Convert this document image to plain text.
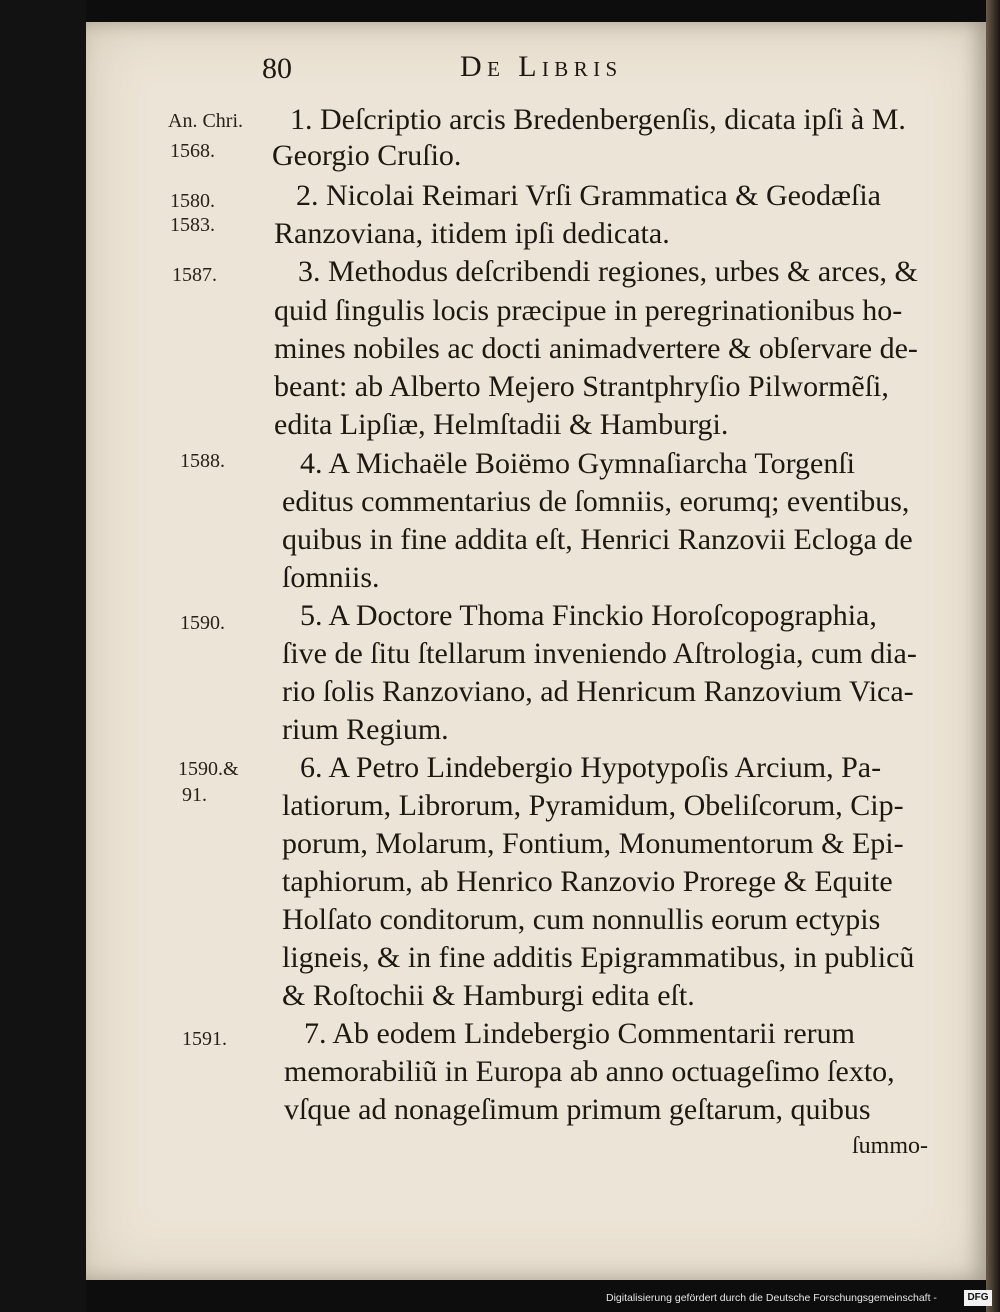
80	De Libris
An. Chri.
1568.
1580.
1583.
1587.
1588.
1590.
1590.&
91.
1591.
1. Deſcriptio arcis Bredenbergenſis, dicata ipſi à M.
Georgio Cruſio.
2. Nicolai Reimari Vrſi Grammatica & Geodæſia
Ranzoviana, itidem ipſi dedicata.
3. Methodus deſcribendi regiones, urbes & arces, &
quid ſingulis locis præcipue in peregrinationibus ho-
mines nobiles ac docti animadvertere & obſervare de-
beant: ab Alberto Mejero Strantphryſio Pilwormẽſi,
edita Lipſiæ, Helmſtadii & Hamburgi.
4. A Michaële Boiëmo Gymnaſiarcha Torgenſi
editus commentarius de ſomniis, eorumq; eventibus,
quibus in fine addita eſt, Henrici Ranzovii Ecloga de
ſomniis.
5. A Doctore Thoma Finckio Horoſcopographia,
ſive de ſitu ſtellarum inveniendo Aſtrologia, cum dia-
rio ſolis Ranzoviano, ad Henricum Ranzovium Vica-
rium Regium.
6. A Petro Lindebergio Hypotypoſis Arcium, Pa-
latiorum, Librorum, Pyramidum, Obeliſcorum, Cip-
porum, Molarum, Fontium, Monumentorum & Epi-
taphiorum, ab Henrico Ranzovio Prorege & Equite
Holſato conditorum, cum nonnullis eorum ectypis
ligneis, & in fine additis Epigrammatibus, in publicũ
& Roſtochii & Hamburgi edita eſt.
7. Ab eodem Lindebergio Commentarii rerum
memorabiliũ in Europa ab anno octuageſimo ſexto,
vſque ad nonageſimum primum geſtarum, quibus
ſummo-
Digitalisierung gefördert durch die Deutsche Forschungsgemeinschaft -	DFG
